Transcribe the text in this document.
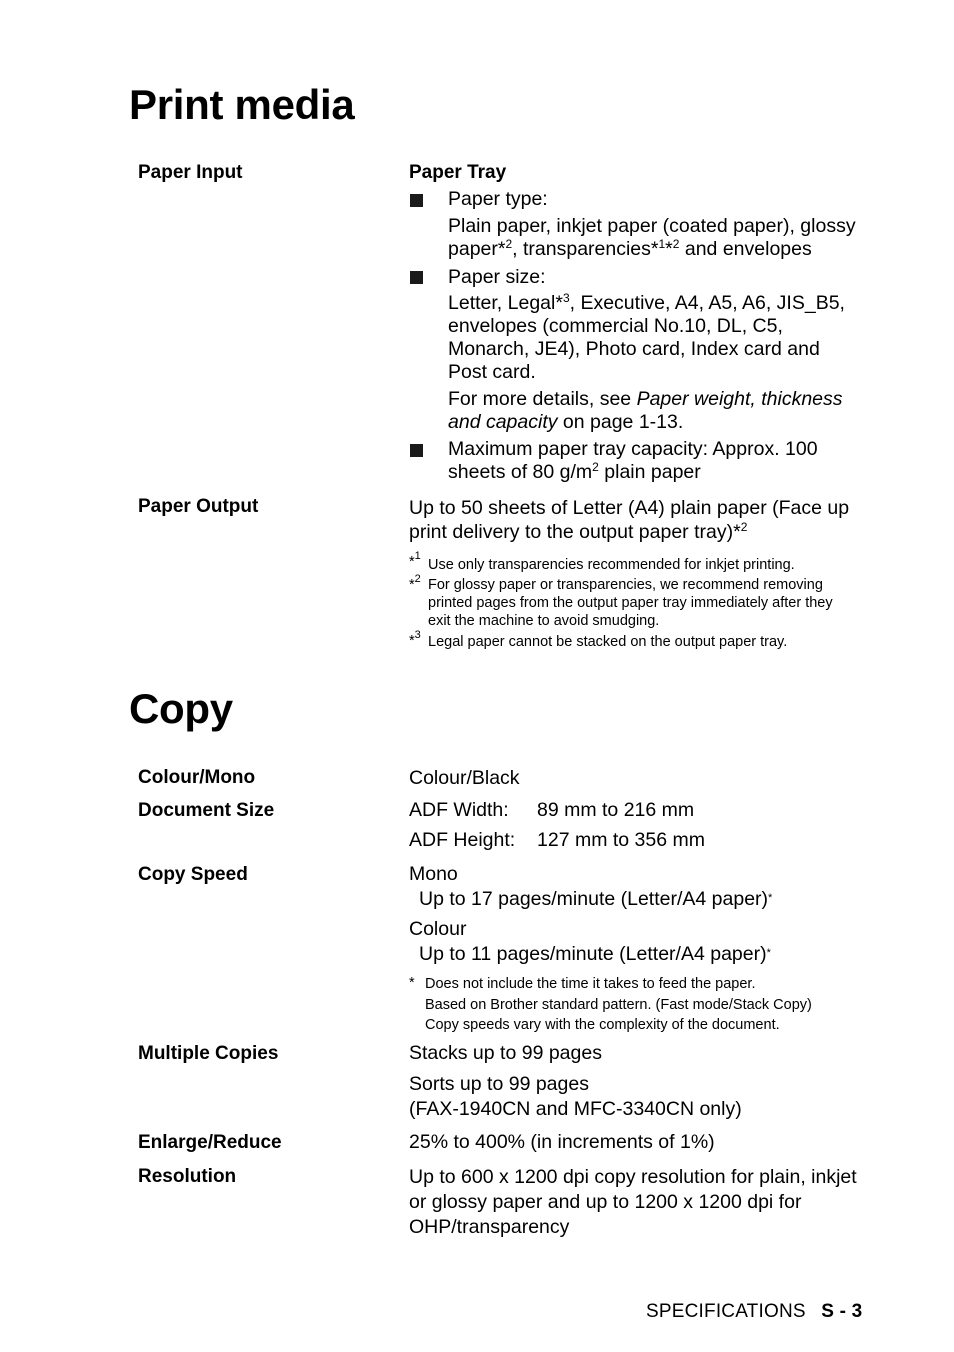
Print media
Paper Input	Paper Tray
Paper type:
Plain paper, inkjet paper (coated paper), glossy
paper*$^2$, transparencies*$^1$*$^2$ and envelopes
Paper size:
Letter, Legal*$^3$, Executive, A4, A5, A6, JIS_B5,
envelopes (commercial No.10, DL, C5,
Monarch, JE4), Photo card, Index card and
Post card.
For more details, see Paper weight, thickness
and capacity on page 1-13.
Maximum paper tray capacity: Approx. 100
sheets of 80 $g/m^2$ plain paper
Paper Output	Up to 50 sheets of Letter (A4) plain paper (Face up
print delivery to the output paper tray)*$^2$
*$^1$
Use only transparencies recommended for inkjet printing.
*$^2$ For glossy paper or transparencies, we recommend removing
printed pages from the output paper tray immediately after they
exit the machine to avoid smudging.
*$^3$ Legal paper cannot be stacked on the output paper tray.
Copy
Colour/Mono	Colour/Black
Document Size	ADF Width: 89 mm to 216 mm
ADF Height: 127 mm to 356 mm
Copy Speed	Mono
Up to 17 pages/minute (Letter/A4 paper)*
Colour
Up to 11 pages/minute (Letter/A4 paper)*
* Does not include the time it takes to feed the paper.
Based on Brother standard pattern. (Fast mode/Stack Copy)
Copy speeds vary with the complexity of the document.
Multiple Copies	Stacks up to 99 pages
Sorts up to 99 pages
(FAX-1940CN and MFC-3340CN only)
Enlarge/Reduce	25% to 400% (in increments of 1%)
Resolution	Up to 600 x 1200 dpi copy resolution for plain, inkjet
or glossy paper and up to 1200 x 1200 dpi for
OHP/transparency
SPECIFICATIONS S - 3
